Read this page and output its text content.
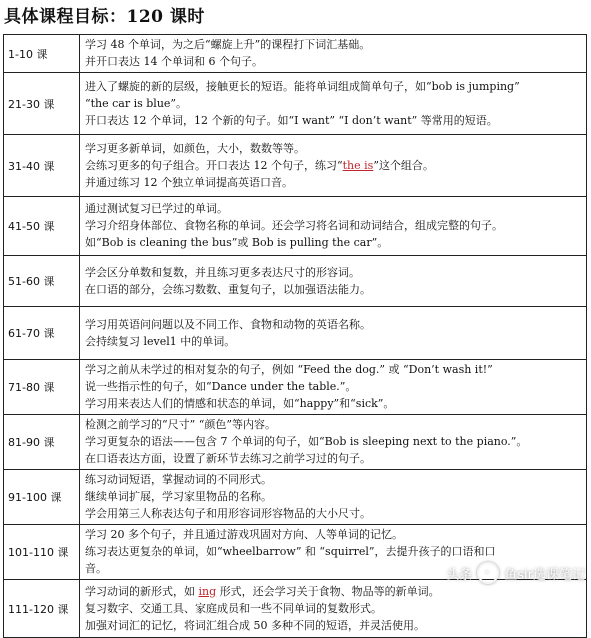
具体课程目标：120 课时
1-10 课	学习 48 个单词，为之后“螺旋上升”的课程打下词汇基础。
并开口表达 14 个单词和 6 个句子。

21-30 课	进入了螺旋的新的层级，接触更长的短语。能将单词组成简单句子，如“bob is jumping”
“the car is blue”。
开口表达 12 个单词，12 个新的句子。如“I want” “I don’t want” 等常用的短语。

31-40 课	学习更多新单词，如颜色，大小，数数等等。
会练习更多的句子组合。开口表达 12 个句子，练习“the is”这个组合。
并通过练习 12 个独立单词提高英语口音。

41-50 课	通过测试复习已学过的单词。
学习介绍身体部位、食物名称的单词。还会学习将名词和动词结合，组成完整的句子。
如“Bob is cleaning the bus”或 Bob is pulling the car”。

51-60 课	学会区分单数和复数，并且练习更多表达尺寸的形容词。
在口语的部分，会练习数数、重复句子，以加强语法能力。

61-70 课	学习用英语问问题以及不同工作、食物和动物的英语名称。
会持续复习 level1 中的单词。

71-80 课	学习之前从未学过的相对复杂的句子，例如 “Feed the dog.” 或 “Don’t wash it!”
说一些指示性的句子，如“Dance under the table.”。
学习用来表达人们的情感和状态的单词，如“happy”和“sick”。

81-90 课	检测之前学习的“尺寸” “颜色”等内容。
学习更复杂的语法——包含 7 个单词的句子，如“Bob is sleeping next to the piano.”。
在口语表达方面，设置了新环节去练习之前学习过的句子。

91-100 课	练习动词短语，掌握动词的不同形式。
继续单词扩展，学习家里物品的名称。
学会用第三人称表达句子和用形容词形容物品的大小尺寸。

101-110 课	学习 20 多个句子，并且通过游戏巩固对方向、人等单词的记忆。
练习表达更复杂的单词，如“wheelbarrow” 和 “squirrel”，去提升孩子的口语和口
音。

111-120 课	学习动词的新形式，如 ing 形式，还会学习关于食物、物品等的新单词。
复习数字、交通工具、家庭成员和一些不同单词的复数形式。
加强对词汇的记忆，将词汇组合成 50 多种不同的短语，并灵活使用。
头条 鱼sir选课笔记
